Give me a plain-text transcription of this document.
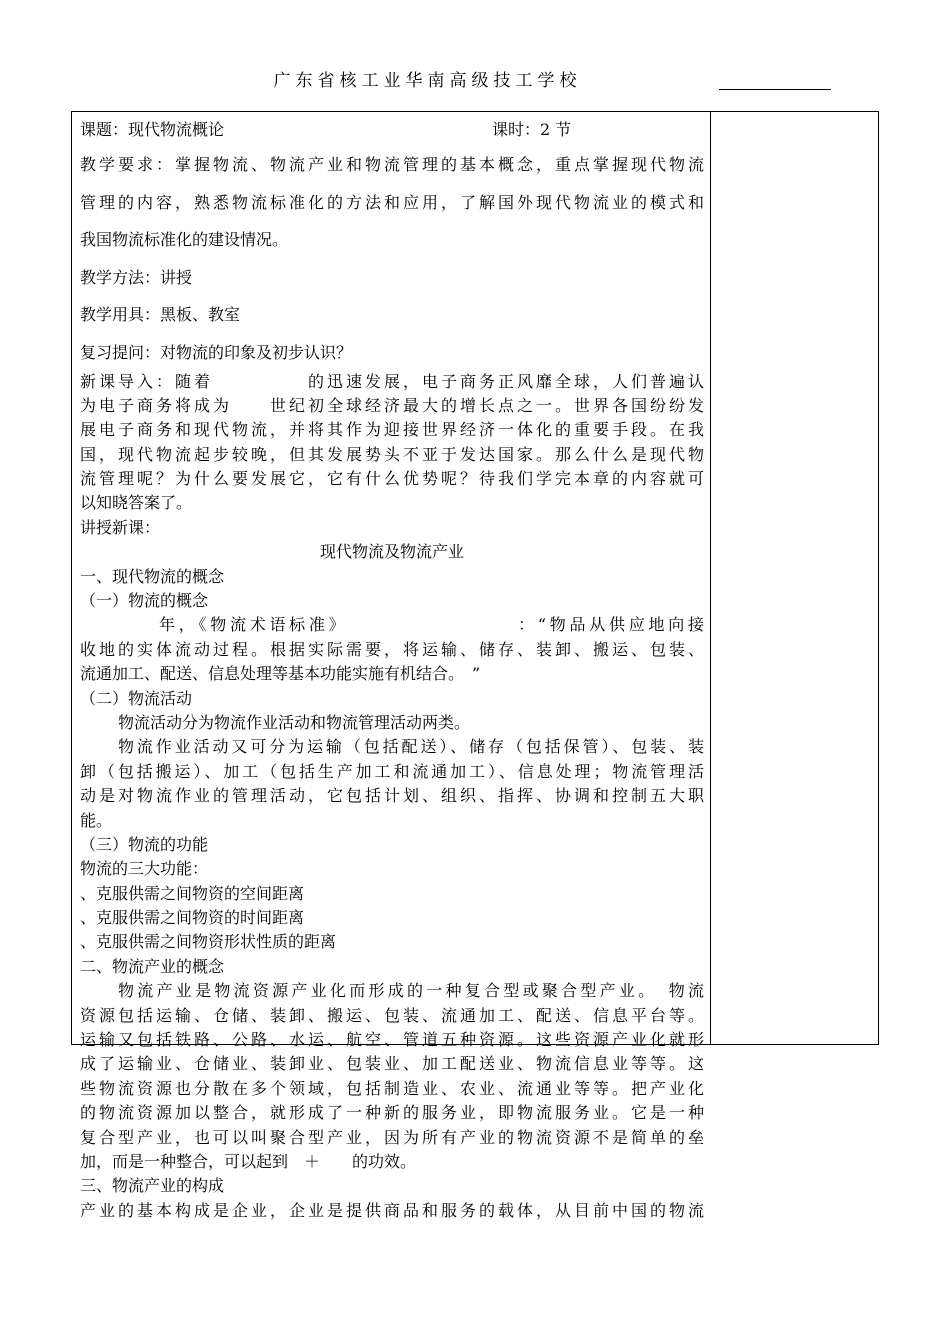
广东省核工业华南高级技工学校
课题：现代物流概论	课时：2 节
教学要求：掌握物流、物流产业和物流管理的基本概念，重点掌握现代物流
管理的内容，熟悉物流标准化的方法和应用，了解国外现代物流业的模式和
我国物流标准化的建设情况。
教学方法：讲授
教学用具：黑板、教室
复习提问：对物流的印象及初步认识？
新课导入：随着　　　　　的迅速发展，电子商务正风靡全球，人们普遍认
为电子商务将成为　　世纪初全球经济最大的增长点之一。世界各国纷纷发
展电子商务和现代物流，并将其作为迎接世界经济一体化的重要手段。在我
国，现代物流起步较晚，但其发展势头不亚于发达国家。那么什么是现代物
流管理呢？为什么要发展它，它有什么优势呢？待我们学完本章的内容就可
以知晓答案了。
讲授新课：
现代物流及物流产业
一、现代物流的概念
（一）物流的概念
　　　　年，《物流术语标准》　　　　　　　　　：“物品从供应地向接
收地的实体流动过程。根据实际需要，将运输、储存、装卸、搬运、包装、
流通加工、配送、信息处理等基本功能实施有机结合。　”
（二）物流活动
物流活动分为物流作业活动和物流管理活动两类。
物流作业活动又可分为运输（包括配送）、储存（包括保管）、包装、装
卸（包括搬运）、加工（包括生产加工和流通加工）、信息处理；物流管理活
动是对物流作业的管理活动，它包括计划、组织、指挥、协调和控制五大职
能。
（三）物流的功能
物流的三大功能：
、克服供需之间物资的空间距离
、克服供需之间物资的时间距离
、克服供需之间物资形状性质的距离
二、物流产业的概念
物流产业是物流资源产业化而形成的一种复合型或聚合型产业。　物流
资源包括运输、仓储、装卸、搬运、包装、流通加工、配送、信息平台等。
运输又包括铁路、公路、水运、航空、管道五种资源。这些资源产业化就形
成了运输业、仓储业、装卸业、包装业、加工配送业、物流信息业等等。这
些物流资源也分散在多个领域，包括制造业、农业、流通业等等。把产业化
的物流资源加以整合，就形成了一种新的服务业，即物流服务业。它是一种
复合型产业，也可以叫聚合型产业，因为所有产业的物流资源不是简单的垒
加，而是一种整合，可以起到　＋　　的功效。
三、物流产业的构成
产业的基本构成是企业，企业是提供商品和服务的载体，从目前中国的物流
